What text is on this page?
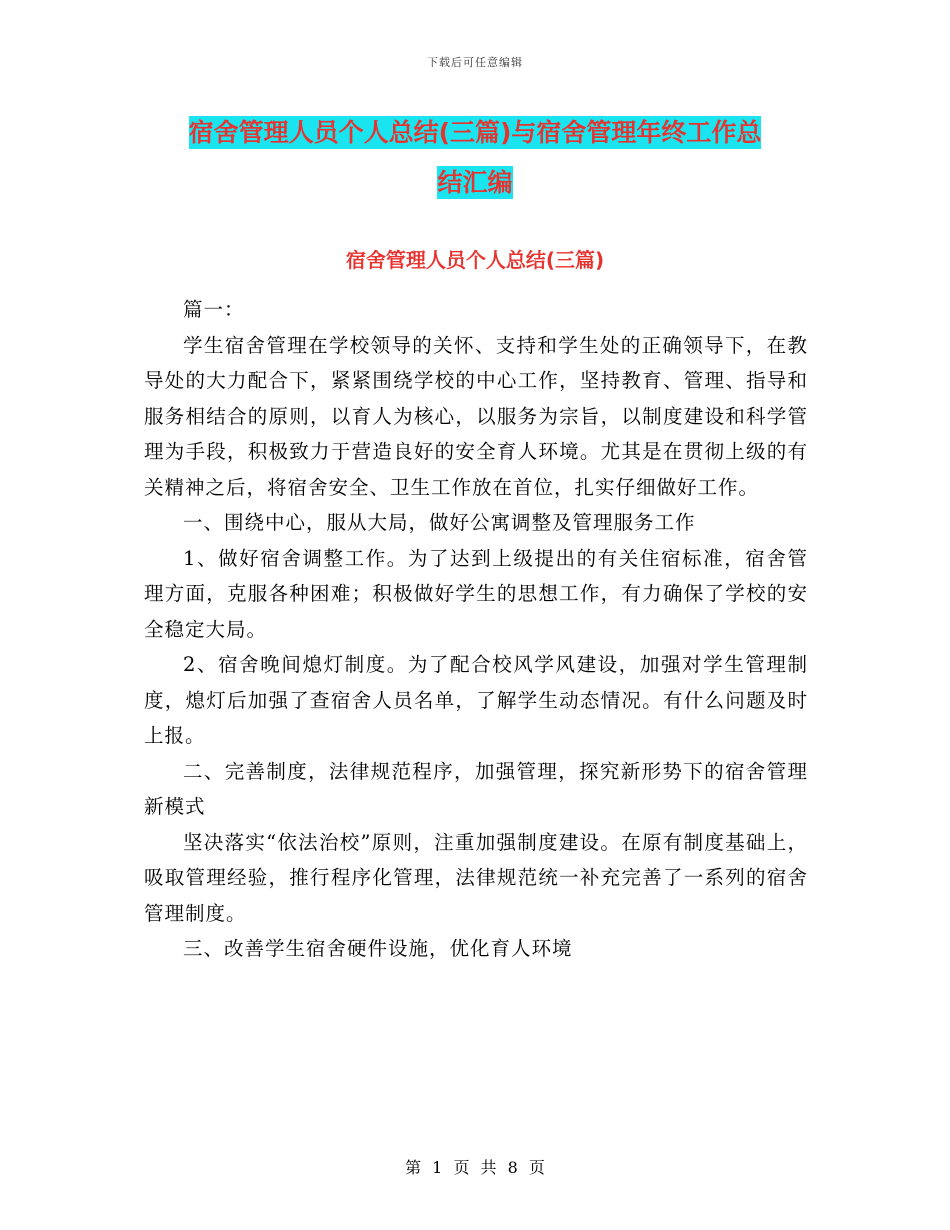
下载后可任意编辑
宿舍管理人员个人总结(三篇)与宿舍管理年终工作总
结汇编
宿舍管理人员个人总结(三篇)

篇一：

学生宿舍管理在学校领导的关怀、支持和学生处的正确领导下，在教导处的大力配合下，紧紧围绕学校的中心工作，坚持教育、管理、指导和服务相结合的原则，以育人为核心，以服务为宗旨，以制度建设和科学管理为手段，积极致力于营造良好的安全育人环境。尤其是在贯彻上级的有关精神之后，将宿舍安全、卫生工作放在首位，扎实仔细做好工作。

一、围绕中心，服从大局，做好公寓调整及管理服务工作

1、做好宿舍调整工作。为了达到上级提出的有关住宿标准，宿舍管理方面，克服各种困难；积极做好学生的思想工作，有力确保了学校的安全稳定大局。

2、宿舍晚间熄灯制度。为了配合校风学风建设，加强对学生管理制度，熄灯后加强了查宿舍人员名单，了解学生动态情况。有什么问题及时上报。

二、完善制度，法律规范程序，加强管理，探究新形势下的宿舍管理新模式

坚决落实“依法治校”原则，注重加强制度建设。在原有制度基础上，吸取管理经验，推行程序化管理，法律规范统一补充完善了一系列的宿舍管理制度。

三、改善学生宿舍硬件设施，优化育人环境

第 1 页 共 8 页
